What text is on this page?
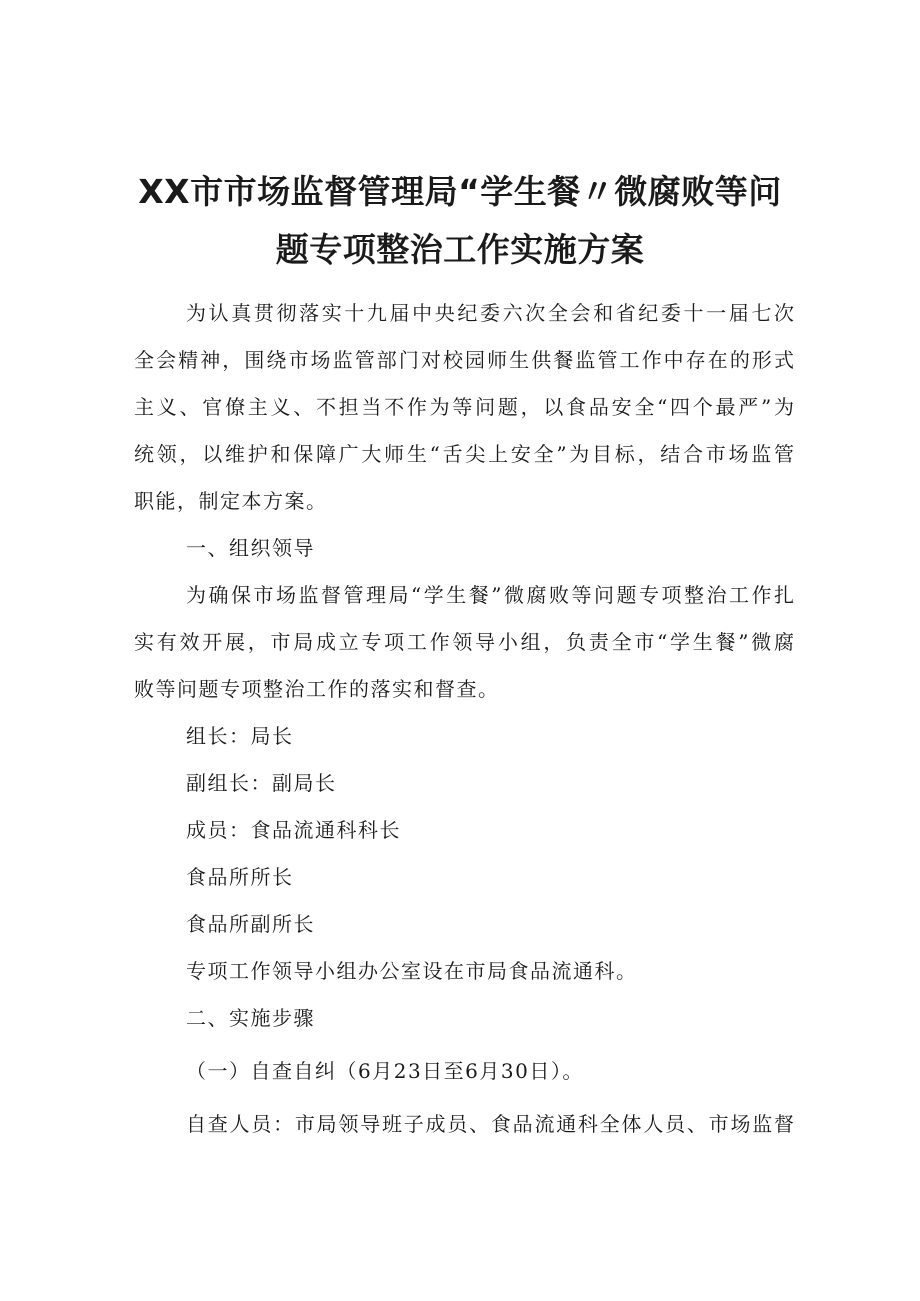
XX市市场监督管理局“学生餐〃微腐败等问
题专项整治工作实施方案
为认真贯彻落实十九届中央纪委六次全会和省纪委十一届七次
全会精神，围绕市场监管部门对校园师生供餐监管工作中存在的形式
主义、官僚主义、不担当不作为等问题，以食品安全“四个最严”为
统领，以维护和保障广大师生“舌尖上安全”为目标，结合市场监管
职能，制定本方案。
一、组织领导
为确保市场监督管理局“学生餐”微腐败等问题专项整治工作扎
实有效开展，市局成立专项工作领导小组，负责全市“学生餐”微腐
败等问题专项整治工作的落实和督查。
组长：局长
副组长：副局长
成员：食品流通科科长
食品所所长
食品所副所长
专项工作领导小组办公室设在市局食品流通科。
二、实施步骤
（一）自查自纠（6月23日至6月30日）。
自查人员：市局领导班子成员、食品流通科全体人员、市场监督
